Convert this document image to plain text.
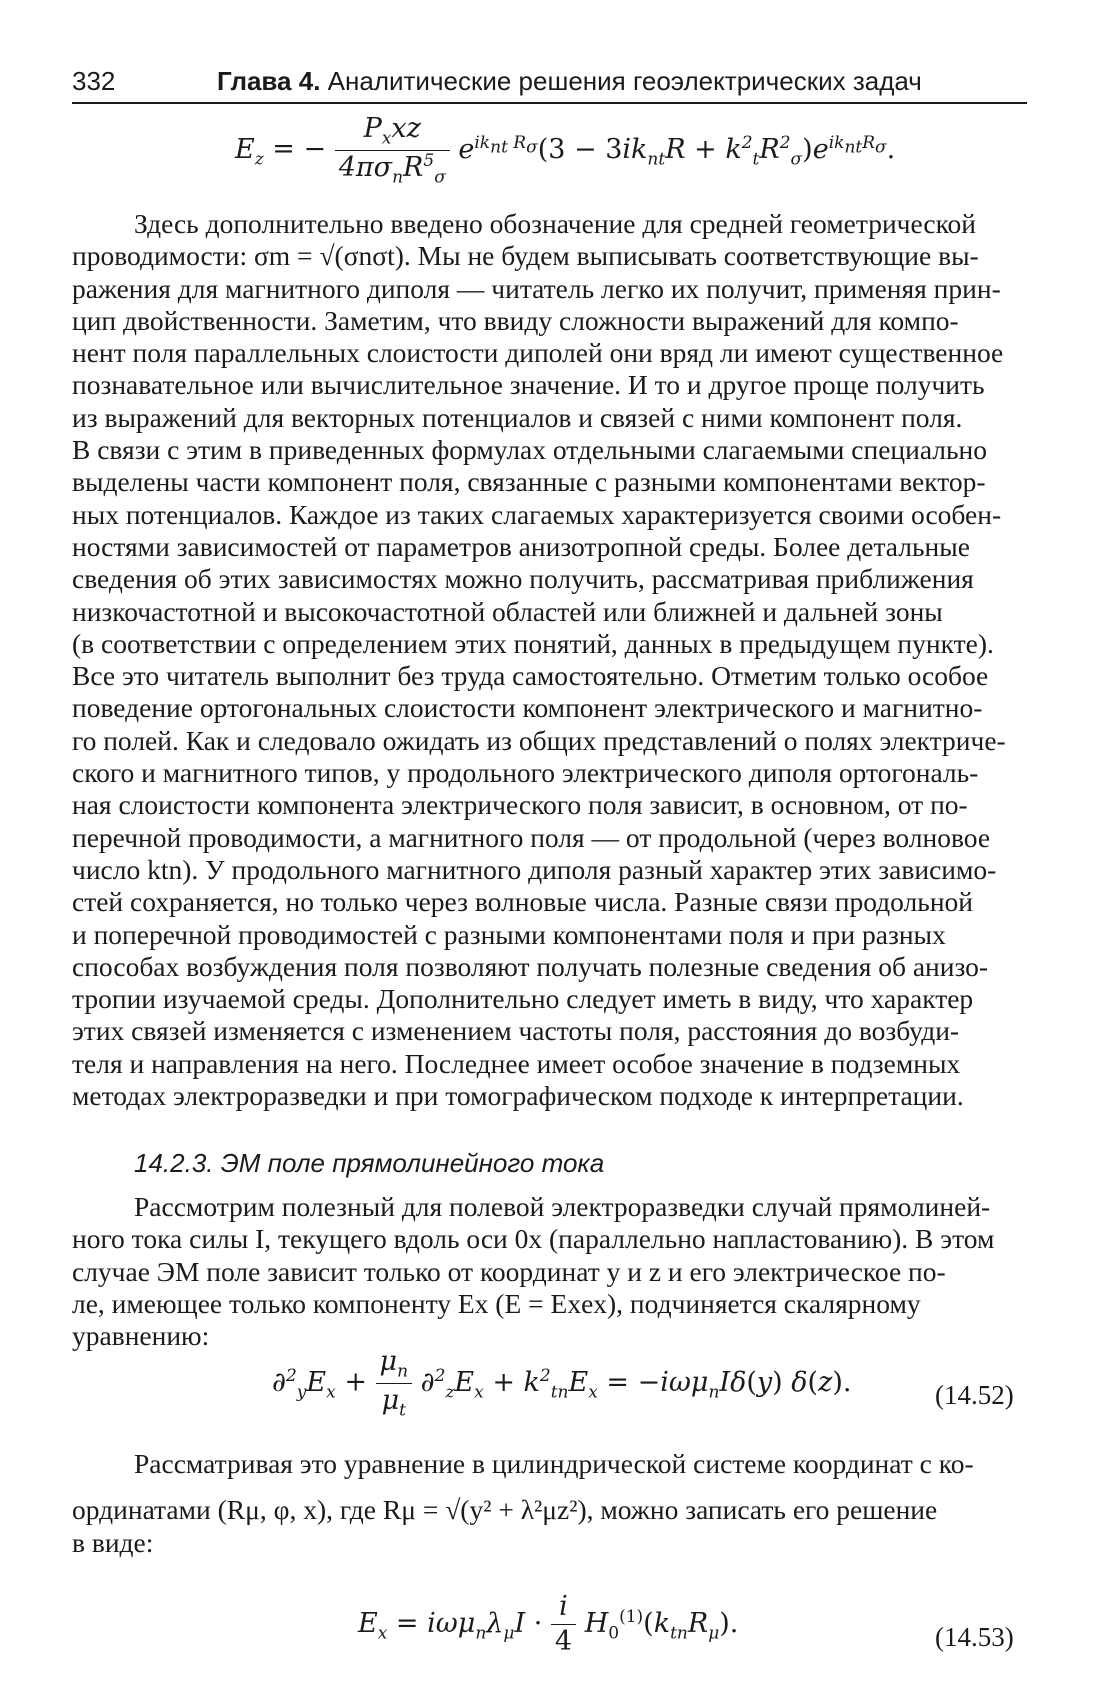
332	Глава 4. Аналитические решения геоэлектрических задач
$E_z$ = − $\frac{P_xxz}{4\pi\sigma_nR^5_\sigma} e^{ik_{nt} R_\sigma}(3 - 3ik_{nt}R + k^2_tR^2_\sigma)e^{ik_{nt}R_\sigma}$.
Здесь дополнительно введено обозначение для средней геометрической
проводимости: σm = √(σnσt). Мы не будем выписывать соответствующие вы-
ражения для магнитного диполя — читатель легко их получит, применяя прин-
цип двойственности. Заметим, что ввиду сложности выражений для компо-
нент поля параллельных слоистости диполей они вряд ли имеют существенное
познавательное или вычислительное значение. И то и другое проще получить
из выражений для векторных потенциалов и связей с ними компонент поля.
В связи с этим в приведенных формулах отдельными слагаемыми специально
выделены части компонент поля, связанные с разными компонентами вектор-
ных потенциалов. Каждое из таких слагаемых характеризуется своими особен-
ностями зависимостей от параметров анизотропной среды. Более детальные
сведения об этих зависимостях можно получить, рассматривая приближения
низкочастотной и высокочастотной областей или ближней и дальней зоны
(в соответствии с определением этих понятий, данных в предыдущем пункте).
Все это читатель выполнит без труда самостоятельно. Отметим только особое
поведение ортогональных слоистости компонент электрического и магнитно-
го полей. Как и следовало ожидать из общих представлений о полях электриче-
ского и магнитного типов, у продольного электрического диполя ортогональ-
ная слоистости компонента электрического поля зависит, в основном, от по-
перечной проводимости, а магнитного поля — от продольной (через волновое
число ktn). У продольного магнитного диполя разный характер этих зависимо-
стей сохраняется, но только через волновые числа. Разные связи продольной
и поперечной проводимостей с разными компонентами поля и при разных
способах возбуждения поля позволяют получать полезные сведения об анизо-
тропии изучаемой среды. Дополнительно следует иметь в виду, что характер
этих связей изменяется с изменением частоты поля, расстояния до возбуди-
теля и направления на него. Последнее имеет особое значение в подземных
методах электроразведки и при томографическом подходе к интерпретации.
14.2.3. ЭМ поле прямолинейного тока
Рассмотрим полезный для полевой электроразведки случай прямолиней-
ного тока силы I, текущего вдоль оси 0x (параллельно напластованию). В этом
случае ЭМ поле зависит только от координат y и z и его электрическое по-
ле, имеющее только компоненту Ex (E = Exex), подчиняется скалярному
уравнению:
$\partial^2_yE_x + \frac{\mu_n}{\mu_t} \partial^2_zE_x + k^2_{tn}E_x = -i\omega\mu_nI\delta(y)$ δ(z).	(14.52)
Рассматривая это уравнение в цилиндрической системе координат с ко-
ординатами (Rμ, φ, x), где Rμ = √(y² + λ²μz²), можно записать его решение
в виде:
$E_x = i\omega\mu_n\lambda_\mu I \cdot \frac{i}{4} H_0^{(1)}(k_{tn}R_\mu)$.	(14.53)
